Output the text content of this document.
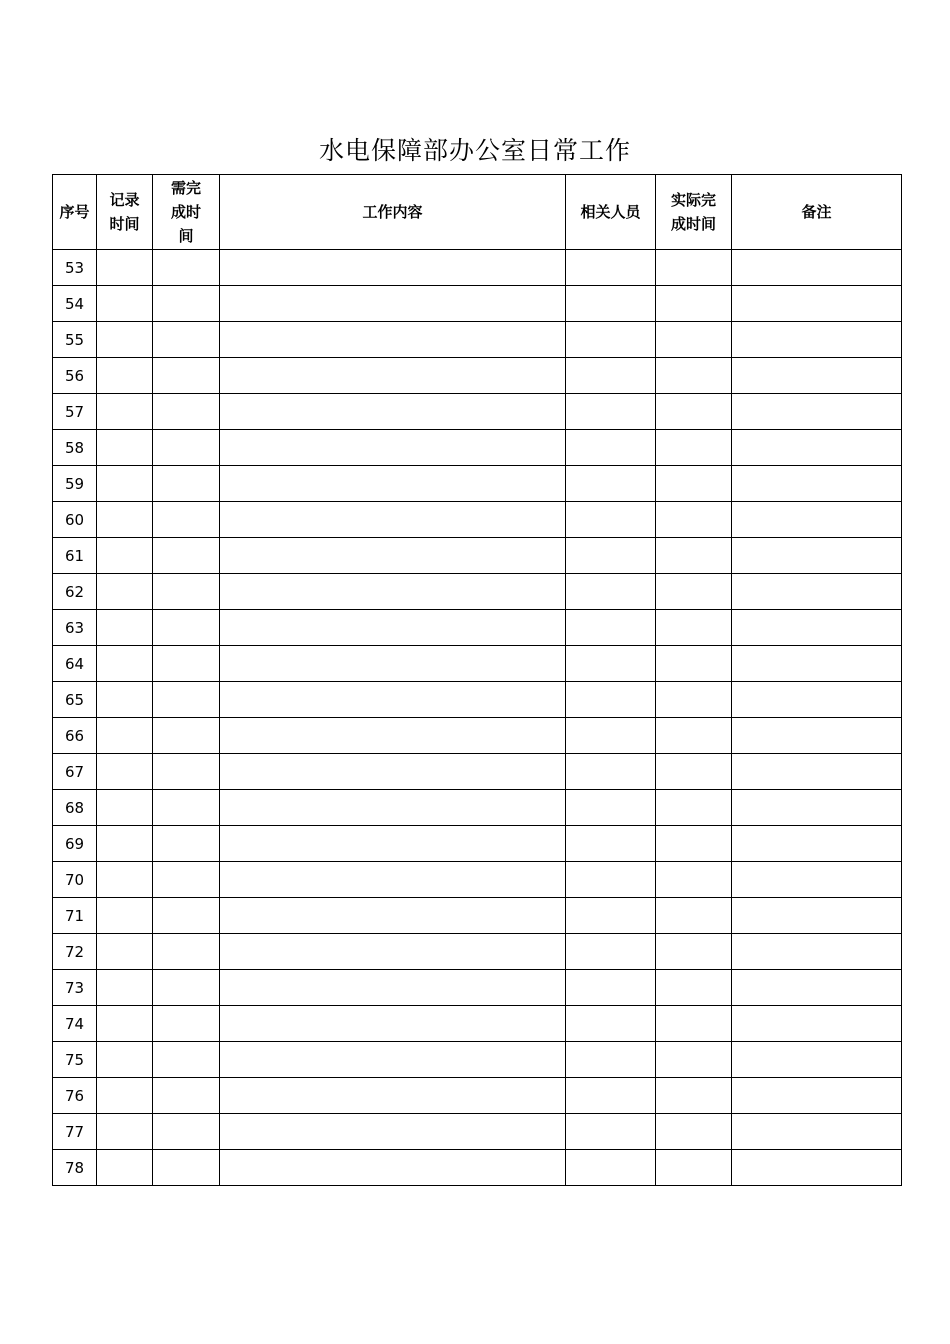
水电保障部办公室日常工作
序号	记录时间	需完成时间	工作内容	相关人员	实际完成时间	备注

53						
54						
55						
56						
57						
58						
59						
60						
61						
62						
63						
64						
65						
66						
67						
68						
69						
70						
71						
72						
73						
74						
75						
76						
77						
78						
